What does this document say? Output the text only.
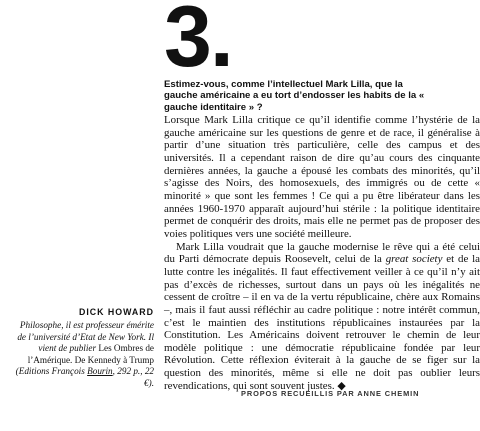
3.

Estimez-vous, comme l’intellectuel Mark Lilla, que la gauche américaine a eu tort d’endosser les habits de la « gauche identitaire » ?

Lorsque Mark Lilla critique ce qu’il identifie comme l’hystérie de la gauche américaine sur les questions de genre et de race, il généralise à partir d’une situation très particulière, celle des campus et des universités. Il a cependant raison de dire qu’au cours des cinquante dernières années, la gauche a épousé les combats des minorités, qu’il s’agisse des Noirs, des homosexuels, des immigrés ou de cette « minorité » que sont les femmes ! Ce qui a pu être libérateur dans les années 1960-1970 apparaît aujourd’hui stérile : la politique identitaire permet de conquérir des droits, mais elle ne permet pas de proposer des voies politiques vers une société meilleure.

Mark Lilla voudrait que la gauche modernise le rêve qui a été celui du Parti démocrate depuis Roosevelt, celui de la great society et de la lutte contre les inégalités. Il faut effectivement veiller à ce qu’il n’y ait pas d’excès de richesses, surtout dans un pays où les inégalités ne cessent de croître – il en va de la vertu républicaine, chère aux Romains –, mais il faut aussi réfléchir au cadre politique : notre intérêt commun, c’est le maintien des institutions républicaines instaurées par la Constitution. Les Américains doivent retrouver le chemin de leur modèle politique : une démocratie républicaine fondée par leur Révolution. Cette réflexion éviterait à la gauche de se figer sur la question des minorités, même si elle ne doit pas oublier leurs revendications, qui sont souvent justes. ◆

PROPOS RECUEILLIS PAR ANNE CHEMIN

DICK HOWARD

Philosophe, il est professeur émérite de l’université d’Etat de New York. Il vient de publier Les Ombres de l’Amérique. De Kennedy à Trump (Editions François Bourin, 292 p., 22 €).
